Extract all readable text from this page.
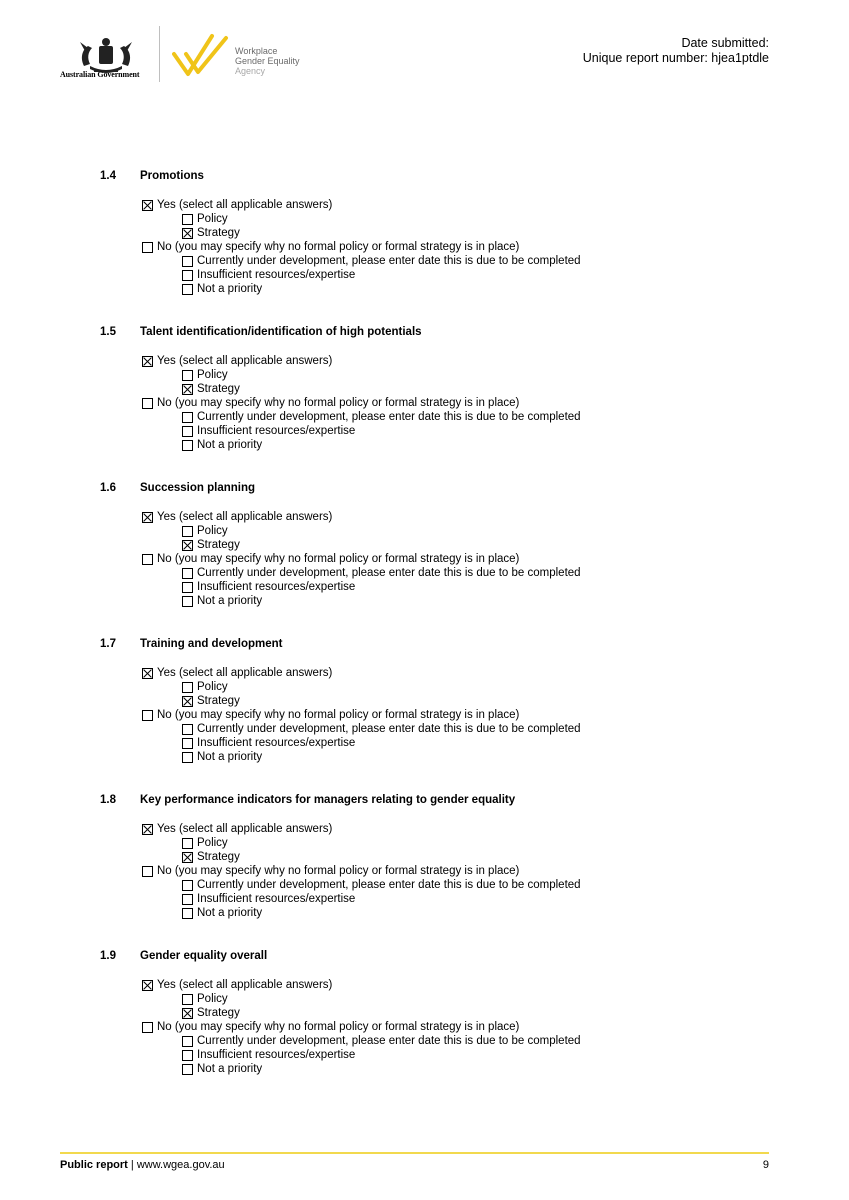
Australian Government
Workplace
Gender Equality
Agency
Date submitted:
Unique report number: hjea1ptdle
1.4	Promotions
Yes (select all applicable answers)
Policy
Strategy
No (you may specify why no formal policy or formal strategy is in place)
Currently under development, please enter date this is due to be completed
Insufficient resources/expertise
Not a priority
1.5	Talent identification/identification of high potentials
Yes (select all applicable answers)
Policy
Strategy
No (you may specify why no formal policy or formal strategy is in place)
Currently under development, please enter date this is due to be completed
Insufficient resources/expertise
Not a priority
1.6	Succession planning
Yes (select all applicable answers)
Policy
Strategy
No (you may specify why no formal policy or formal strategy is in place)
Currently under development, please enter date this is due to be completed
Insufficient resources/expertise
Not a priority
1.7	Training and development
Yes (select all applicable answers)
Policy
Strategy
No (you may specify why no formal policy or formal strategy is in place)
Currently under development, please enter date this is due to be completed
Insufficient resources/expertise
Not a priority
1.8	Key performance indicators for managers relating to gender equality
Yes (select all applicable answers)
Policy
Strategy
No (you may specify why no formal policy or formal strategy is in place)
Currently under development, please enter date this is due to be completed
Insufficient resources/expertise
Not a priority
1.9	Gender equality overall
Yes (select all applicable answers)
Policy
Strategy
No (you may specify why no formal policy or formal strategy is in place)
Currently under development, please enter date this is due to be completed
Insufficient resources/expertise
Not a priority
Public report | www.wgea.gov.au	9
